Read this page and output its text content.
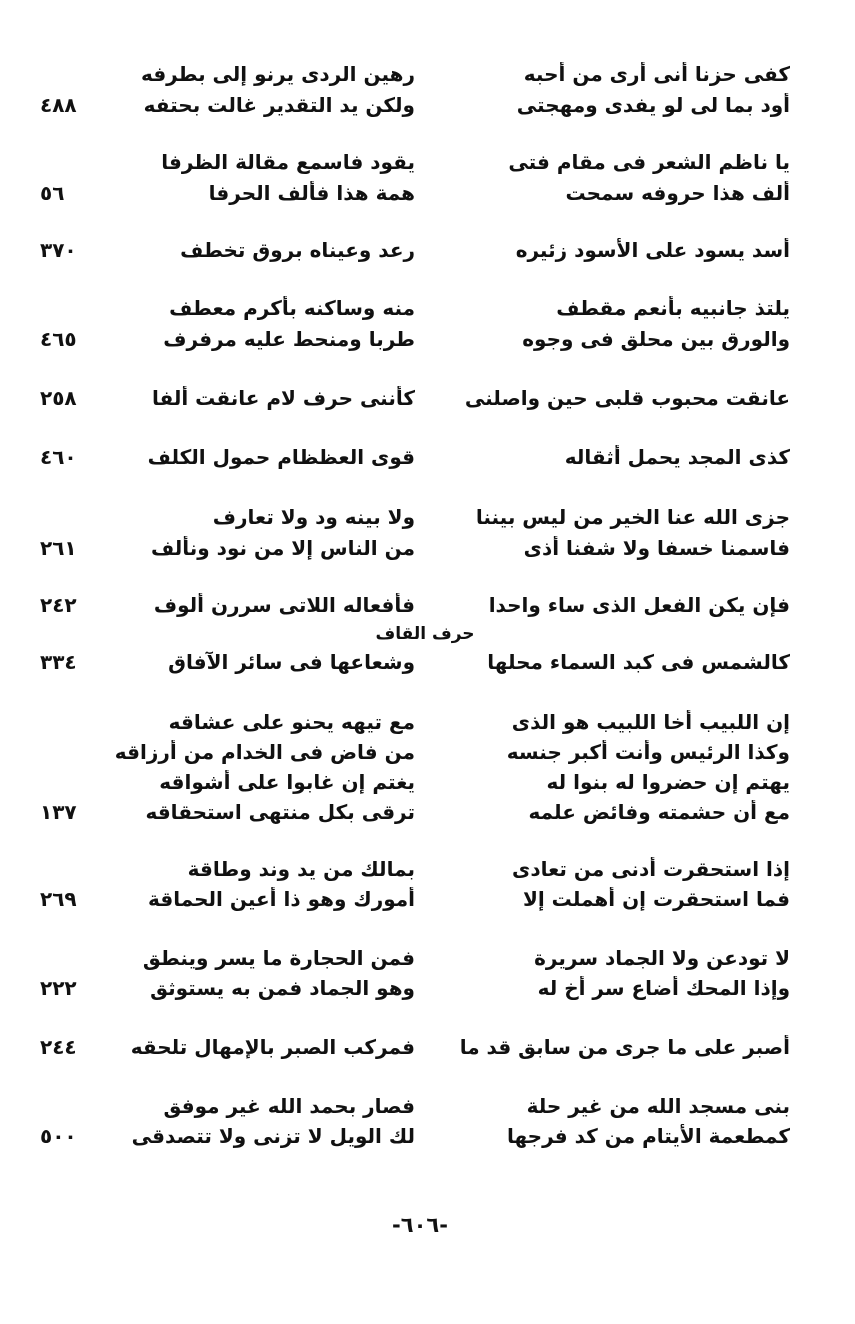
كفى حزنا أنى أرى من أحبه
رهين الردى يرنو إلى بطرفه
أود بما لى لو يفدى ومهجتى
ولكن يد التقدير غالت بحتفه
٤٨٨
يا ناظم الشعر فى مقام فتى
يقود فاسمع مقالة الظرفا
ألف هذا حروفه سمحت
همة هذا فألف الحرفا
٥٦
أسد يسود على الأسود زئيره
رعد وعيناه بروق تخطف
٣٧٠
يلتذ جانبيه بأنعم مقطف
منه وساكنه بأكرم معطف
والورق بين محلق فى وجوه
طربا ومنحط عليه مرفرف
٤٦٥
عانقت محبوب قلبى حين واصلنى
كأننى حرف لام عانقت ألفا
٢٥٨
كذى المجد يحمل أثقاله
قوى العظظام حمول الكلف
٤٦٠
جزى الله عنا الخير من ليس بيننا
ولا بينه ود ولا تعارف
فاسمنا خسفا ولا شفنا أذى
من الناس إلا من نود ونألف
٢٦١
فإن يكن الفعل الذى ساء واحدا
فأفعاله اللاتى سررن ألوف
٢٤٢
حرف القاف
كالشمس فى كبد السماء محلها
وشعاعها فى سائر الآفاق
٣٣٤
إن اللبيب أخا اللبيب هو الذى
مع تيهه يحنو على عشاقه
وكذا الرئيس وأنت أكبر جنسه
من فاض فى الخدام من أرزاقه
يهتم إن حضروا له بنوا له
يغتم إن غابوا على أشواقه
مع أن حشمته وفائض علمه
ترقى بكل منتهى استحقاقه
١٣٧
إذا استحقرت أدنى من تعادى
بمالك من يد وند وطاقة
فما استحقرت إن أهملت إلا
أمورك وهو ذا أعين الحماقة
٢٦٩
لا تودعن ولا الجماد سريرة
فمن الحجارة ما يسر وينطق
وإذا المحك أضاع سر أخ له
وهو الجماد فمن به يستوثق
٢٢٢
أصبر على ما جرى من سابق قد ما
فمركب الصبر بالإمهال تلحقه
٢٤٤
بنى مسجد الله من غير حلة
فصار بحمد الله غير موفق
كمطعمة الأيتام من كد فرجها
لك الويل لا تزنى ولا تتصدقى
٥٠٠
-٦٠٦-
